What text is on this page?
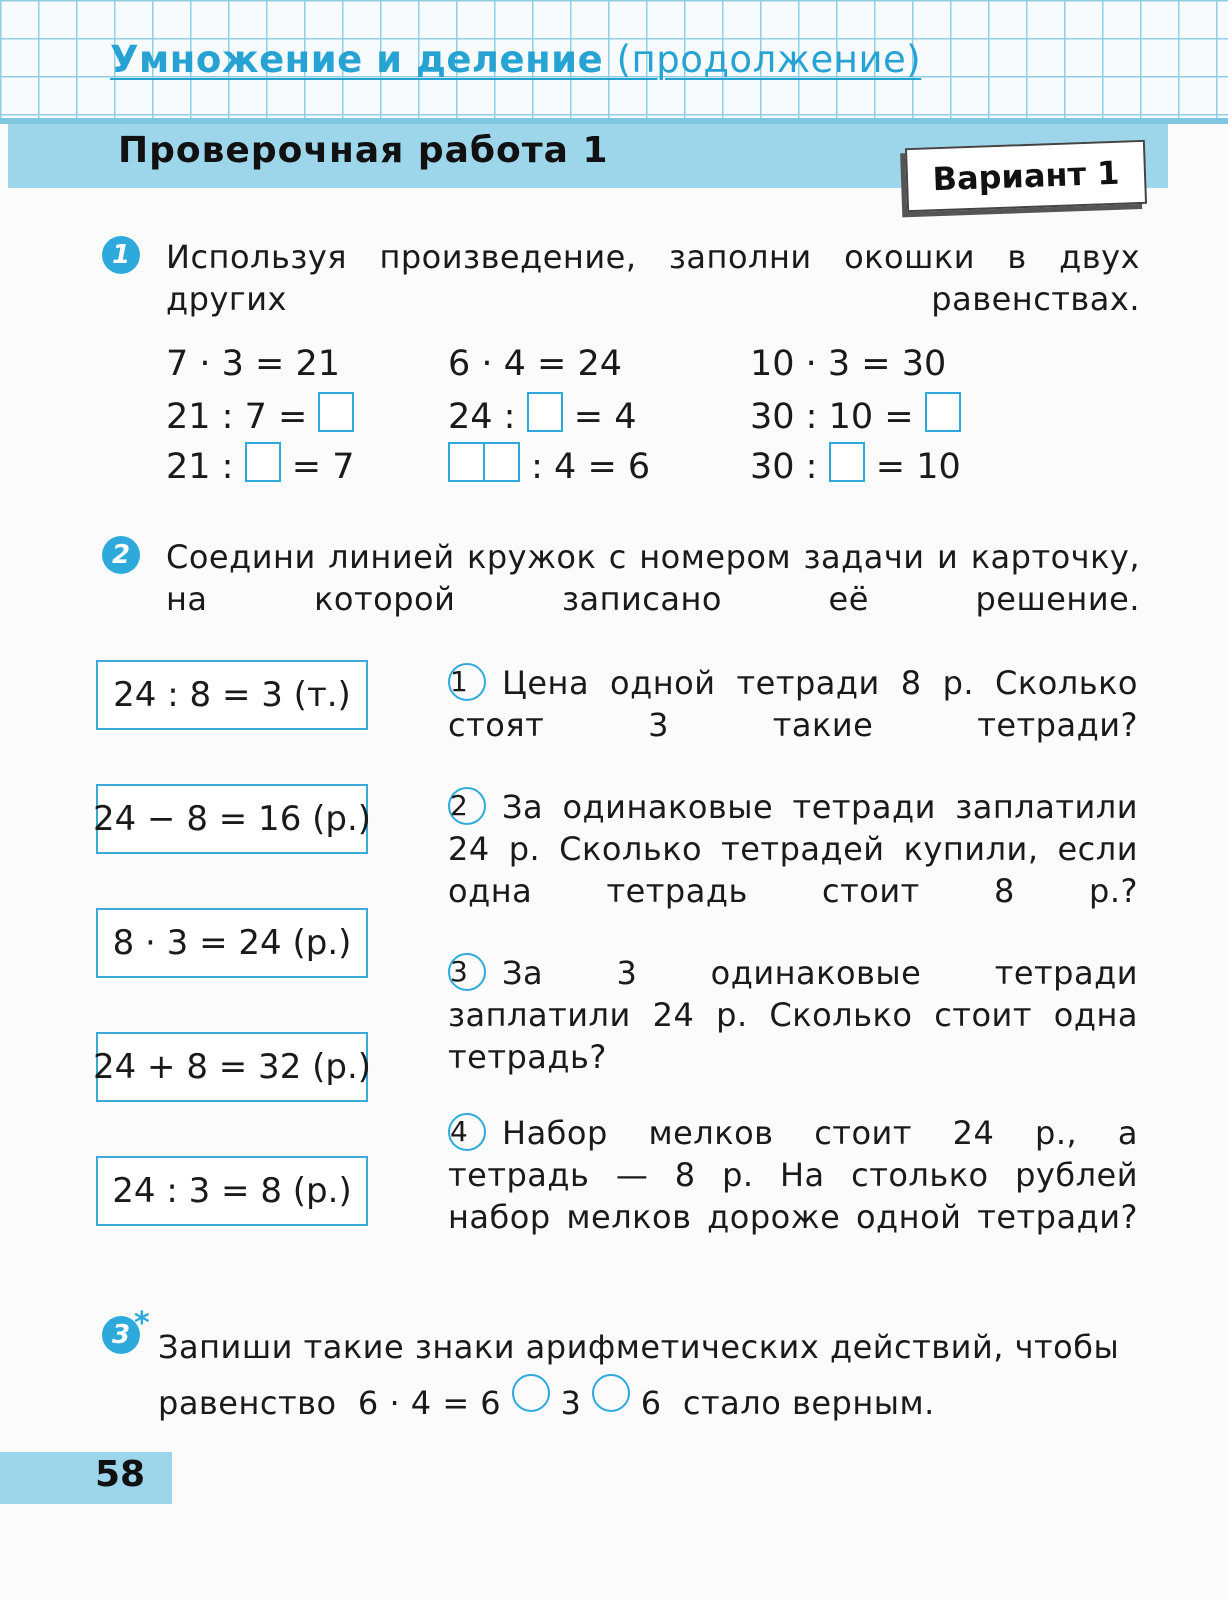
Умножение и деление (продолжение)
Проверочная работа 1
Вариант 1
1	Используя произведение, заполни окошки в двух других равенствах.

7 · 3 = 21
21 : 7 =
21 : = 7
6 · 4 = 24
24 : = 4
: 4 = 6
10 · 3 = 30
30 : 10 =
30 : = 10
2	Соедини линией кружок с номером задачи и карточку, на которой записано её решение.

24 : 8 = 3 (т.)
24 − 8 = 16 (р.)
8 · 3 = 24 (р.)
24 + 8 = 32 (р.)
24 : 3 = 8 (р.)

1 Цена одной тетради 8 р. Сколько стоят 3 такие тетради?

2 За одинаковые тетради заплатили 24 р. Сколько тетрадей купили, если одна тетрадь стоит 8 р.?

3 За 3 одинаковые тетради заплатили 24 р. Сколько стоит одна тетрадь?

4 Набор мелков стоит 24 р., а тетрадь — 8 р. На столько рублей набор мелков дороже одной тетради?

3 *

Запиши такие знаки арифметических действий, чтобы

равенство 6 · 4 = 6 3 6 стало верным.

58
